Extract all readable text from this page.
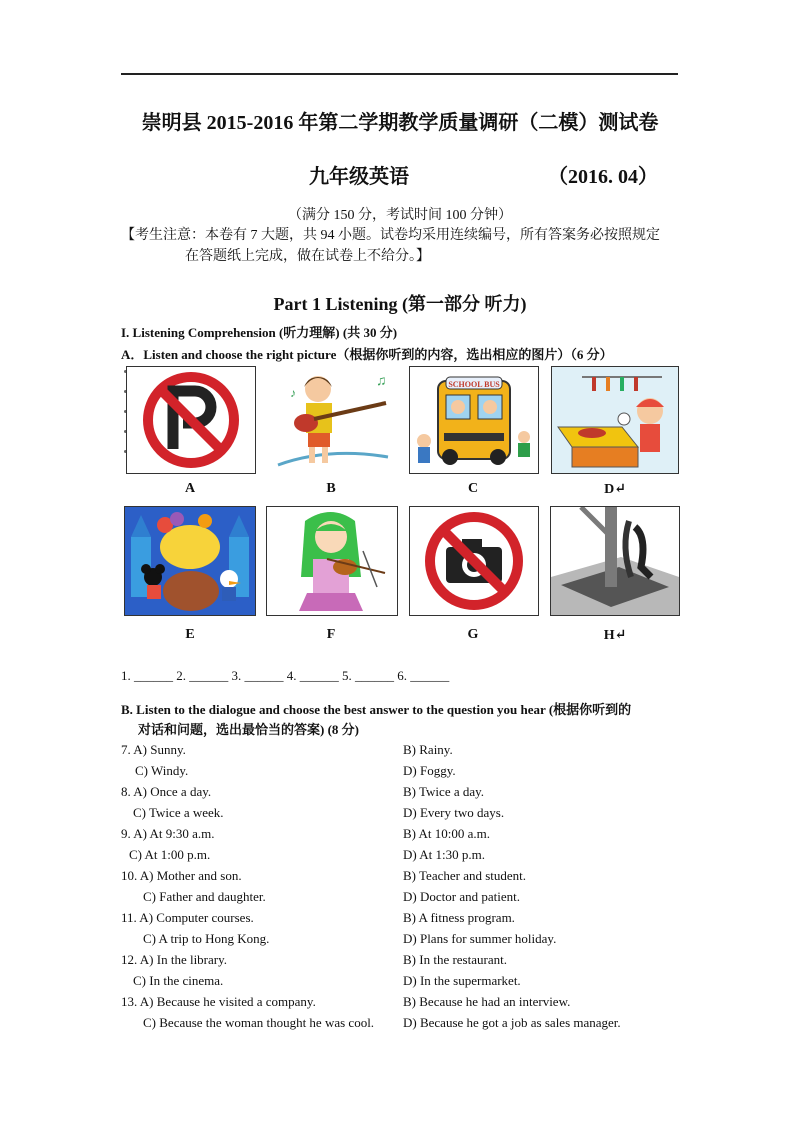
崇明县 2015-2016 年第二学期教学质量调研（二模）测试卷
九年级英语	（2016. 04）
（满分 150 分，考试时间 100 分钟）
【考生注意：本卷有 7 大题，共 94 小题。试卷均采用连续编号，所有答案务必按照规定
在答题纸上完成，做在试卷上不给分。】
Part 1 Listening (第一部分 听力)
I. Listening Comprehension (听力理解) (共 30 分)
A．Listen and choose the right picture（根据你听到的内容，选出相应的图片）（6 分）
♫
♪
SCHOOL BUS
A	B	C	D↵
E	F	G	H↵
1. ______ 2. ______ 3. ______ 4. ______ 5. ______ 6. ______
B. Listen to the dialogue and choose the best answer to the question you hear (根据你听到的
对话和问题，选出最恰当的答案) (8 分)
7. A) Sunny.	B) Rainy.
C) Windy.	D) Foggy.
8. A) Once a day.	B) Twice a day.
C) Twice a week.	D) Every two days.
9. A) At 9:30 a.m.	B) At 10:00 a.m.
C) At 1:00 p.m.	D) At 1:30 p.m.
10. A) Mother and son.	B) Teacher and student.
C) Father and daughter.	D) Doctor and patient.
11. A) Computer courses.	B) A fitness program.
C) A trip to Hong Kong.	D) Plans for summer holiday.
12. A) In the library.	B) In the restaurant.
C) In the cinema.	D) In the supermarket.
13. A) Because he visited a company.	B) Because he had an interview.
C) Because the woman thought he was cool. D) Because he got a job as sales manager.
